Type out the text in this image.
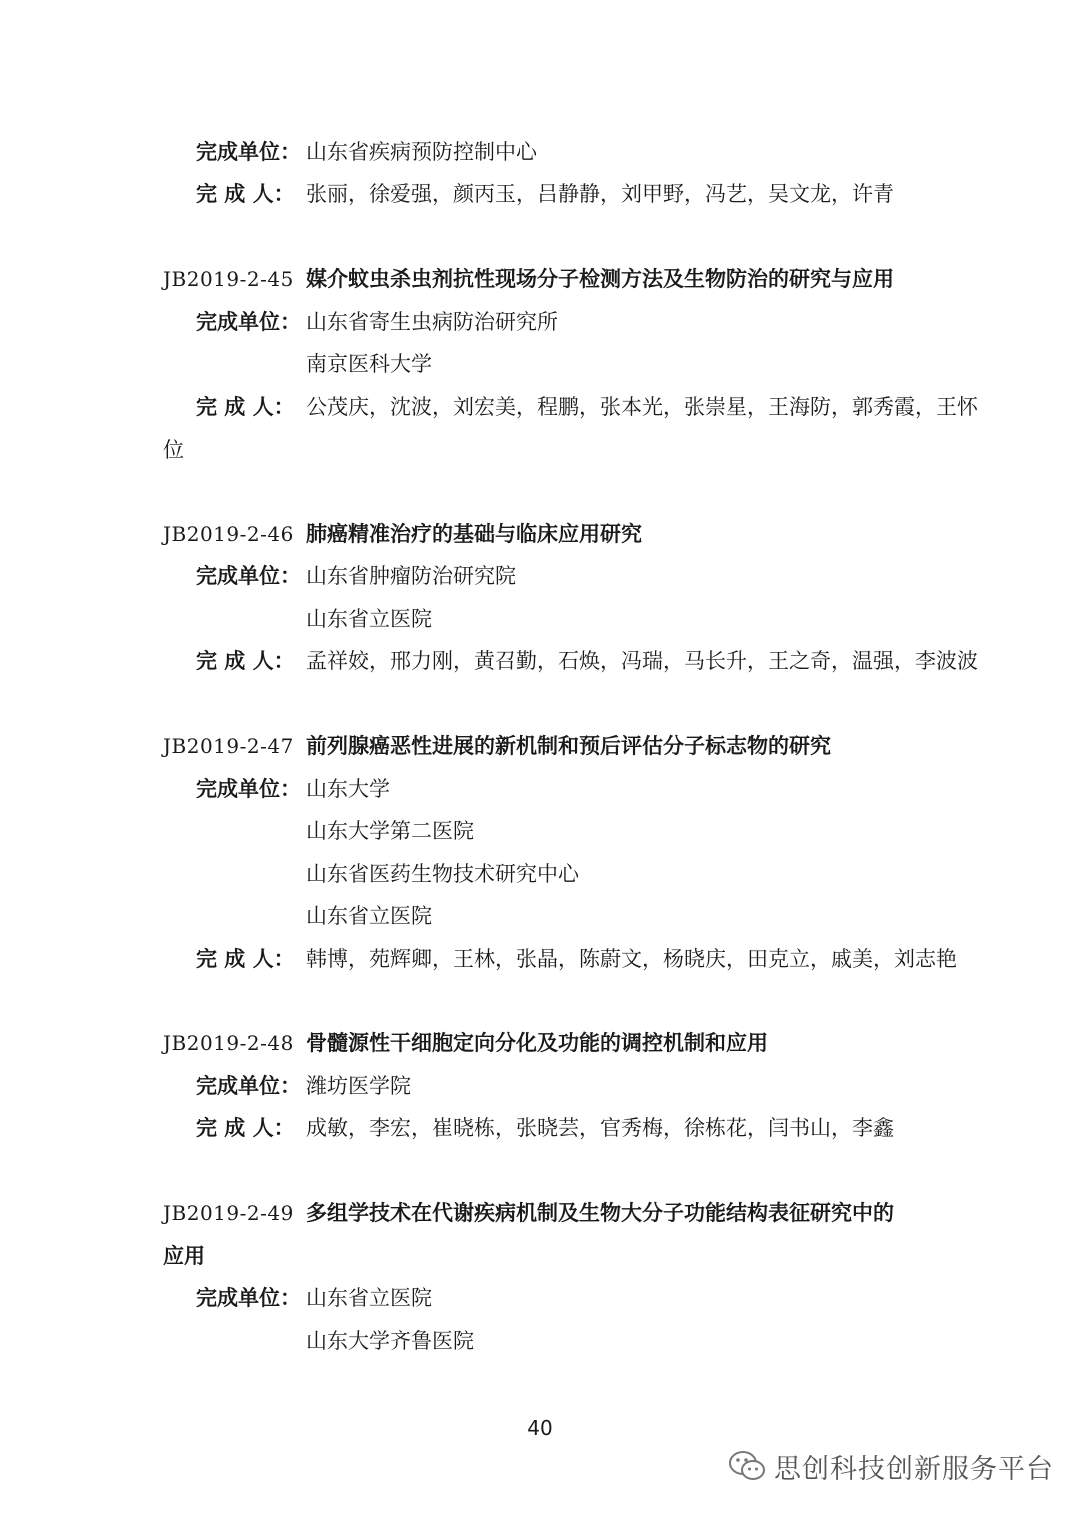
完成单位： 山东省疾病预防控制中心
完 成 人： 张丽，徐爱强，颜丙玉，吕静静，刘甲野，冯艺，吴文龙，许青
JB2019-2-45 媒介蚊虫杀虫剂抗性现场分子检测方法及生物防治的研究与应用
完成单位： 山东省寄生虫病防治研究所
南京医科大学
完 成 人： 公茂庆，沈波，刘宏美，程鹏，张本光，张崇星，王海防，郭秀霞，王怀
位
JB2019-2-46 肺癌精准治疗的基础与临床应用研究
完成单位： 山东省肿瘤防治研究院
山东省立医院
完 成 人： 孟祥姣，邢力刚，黄召勤，石焕，冯瑞，马长升，王之奇，温强，李波波
JB2019-2-47 前列腺癌恶性进展的新机制和预后评估分子标志物的研究
完成单位： 山东大学
山东大学第二医院
山东省医药生物技术研究中心
山东省立医院
完 成 人： 韩博，苑辉卿，王林，张晶，陈蔚文，杨晓庆，田克立，戚美，刘志艳
JB2019-2-48 骨髓源性干细胞定向分化及功能的调控机制和应用
完成单位： 潍坊医学院
完 成 人： 成敏，李宏，崔晓栋，张晓芸，官秀梅，徐栋花，闫书山，李鑫
JB2019-2-49 多组学技术在代谢疾病机制及生物大分子功能结构表征研究中的
应用
完成单位： 山东省立医院
山东大学齐鲁医院
40
思创科技创新服务平台
